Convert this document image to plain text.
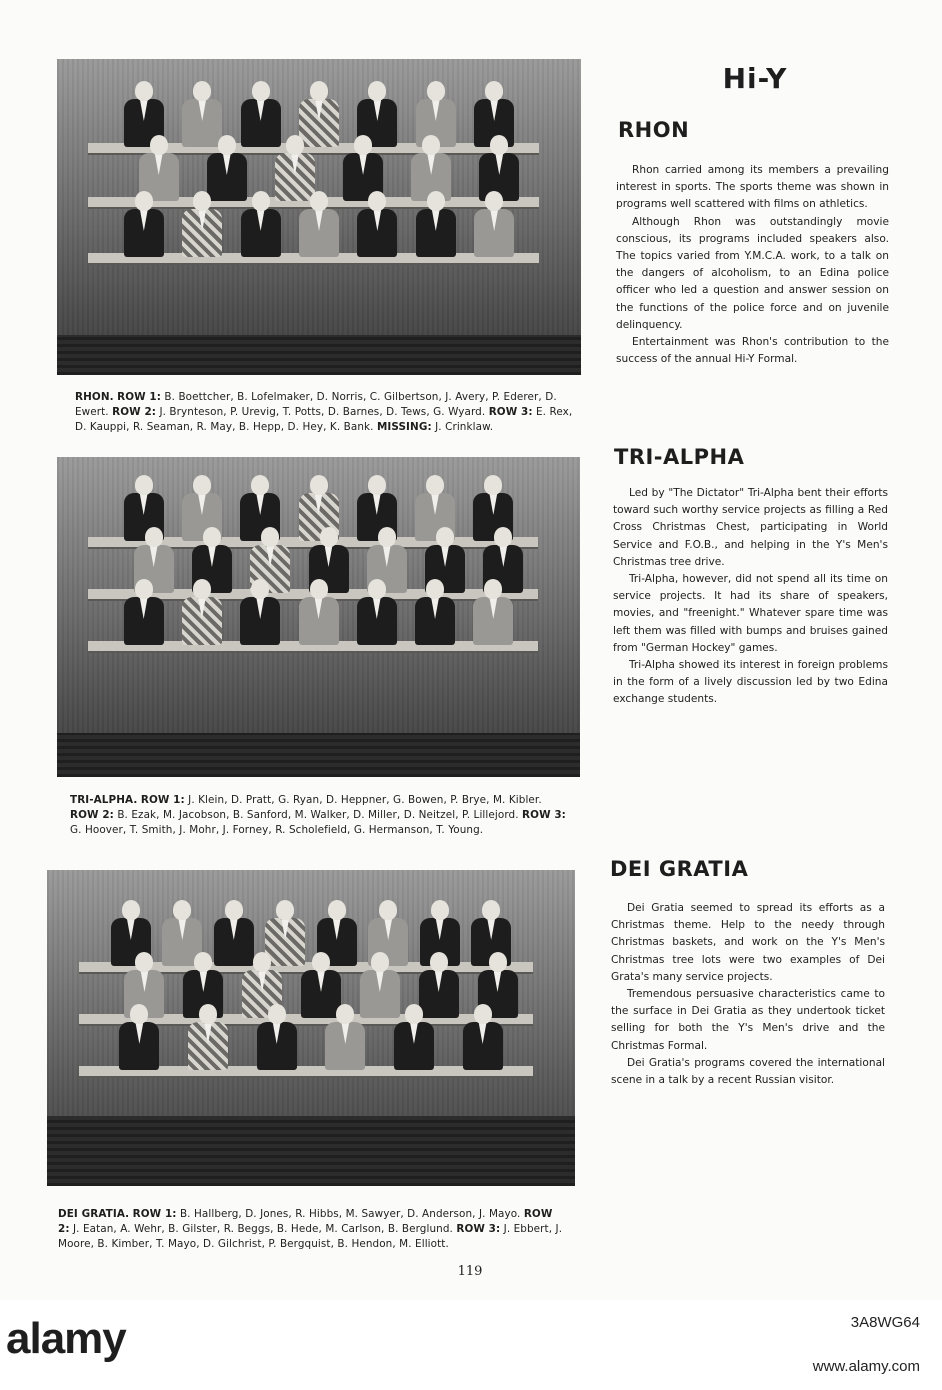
RHON. ROW 1: B. Boettcher, B. Lofelmaker, D. Norris, C. Gilbertson, J. Avery, P. Ederer, D. Ewert. ROW 2: J. Brynteson, P. Urevig, T. Potts, D. Barnes, D. Tews, G. Wyard. ROW 3: E. Rex, D. Kauppi, R. Seaman, R. May, B. Hepp, D. Hey, K. Bank. MISSING: J. Crinklaw.

TRI-ALPHA. ROW 1: J. Klein, D. Pratt, G. Ryan, D. Heppner, G. Bowen, P. Brye, M. Kibler. ROW 2: B. Ezak, M. Jacobson, B. Sanford, M. Walker, D. Miller, D. Neitzel, P. Lillejord. ROW 3: G. Hoover, T. Smith, J. Mohr, J. Forney, R. Scholefield, G. Hermanson, T. Young.

DEI GRATIA. ROW 1: B. Hallberg, D. Jones, R. Hibbs, M. Sawyer, D. Anderson, J. Mayo. ROW 2: J. Eatan, A. Wehr, B. Gilster, R. Beggs, B. Hede, M. Carlson, B. Berglund. ROW 3: J. Ebbert, J. Moore, B. Kimber, T. Mayo, D. Gilchrist, P. Bergquist, B. Hendon, M. Elliott.

Hi-Y
RHON

Rhon carried among its members a prevailing interest in sports. The sports theme was shown in programs well scattered with films on athletics.

Although Rhon was outstandingly movie conscious, its programs included speakers also. The topics varied from Y.M.C.A. work, to a talk on the dangers of alcoholism, to an Edina police officer who led a question and answer session on the functions of the police force and on juvenile delinquency.

Entertainment was Rhon's contribution to the success of the annual Hi-Y Formal.

TRI-ALPHA

Led by "The Dictator" Tri-Alpha bent their efforts toward such worthy service projects as filling a Red Cross Christmas Chest, participating in World Service and F.O.B., and helping in the Y's Men's Christmas tree drive.

Tri-Alpha, however, did not spend all its time on service projects. It had its share of speakers, movies, and "freenight." Whatever spare time was left them was filled with bumps and bruises gained from "German Hockey" games.

Tri-Alpha showed its interest in foreign problems in the form of a lively discussion led by two Edina exchange students.

DEI GRATIA

Dei Gratia seemed to spread its efforts as a Christmas theme. Help to the needy through Christmas baskets, and work on the Y's Men's Christmas tree lots were two examples of Dei Grata's many service projects.

Tremendous persuasive characteristics came to the surface in Dei Gratia as they undertook ticket selling for both the Y's Men's drive and the Christmas Formal.

Dei Gratia's programs covered the international scene in a talk by a recent Russian visitor.

119

alamy	3A8WG64

www.alamy.com
